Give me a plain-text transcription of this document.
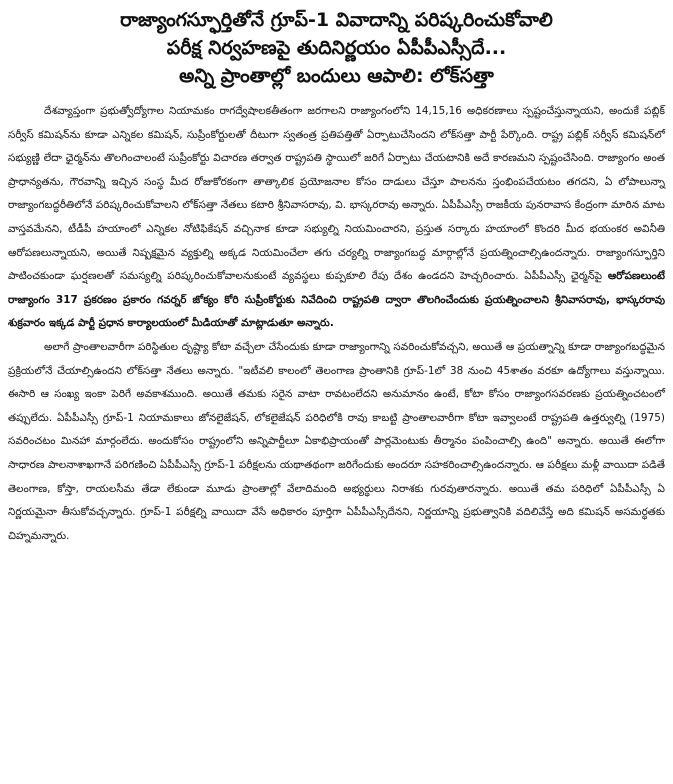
రాజ్యాంగస్ఫూర్తితోనే గ్రూప్-1 వివాదాన్ని పరిష్కరించుకోవాలి
పరీక్ష నిర్వహణపై తుదినిర్ణయం ఏపీపీఎస్సీదే...
అన్ని ప్రాంతాల్లో బందులు ఆపాలి: లోక్‌సత్తా

దేశవ్యాప్తంగా ప్రభుత్వోద్యోగాల నియామకం రాగద్వేషాలకతీతంగా జరగాలని రాజ్యాంగంలోని 14,15,16 అధికరణాలు స్పష్టంచేస్తున్నాయని, అందుకే పబ్లిక్ సర్వీస్ కమిషన్‌ను కూడా ఎన్నికల కమిషన్, సుప్రీంకోర్టులతో దీటుగా స్వతంత్ర ప్రతిపత్తితో ఏర్పాటుచేసిందని లోక్‌సత్తా పార్టీ పేర్కొంది. రాష్ట్ర పబ్లిక్ సర్వీస్ కమిషన్‌లో సభ్యుణ్ణి లేదా ఛైర్మన్‌ను తొలగించాలంటే సుప్రీంకోర్టు విచారణ తర్వాత రాష్ట్రపతి స్థాయిలో జరిగే ఏర్పాటు చేయటానికి అదే కారణమని స్పష్టంచేసింది. రాజ్యాంగం అంత ప్రాధాన్యతను, గౌరవాన్ని ఇచ్చిన సంస్థ మీద రోజుకోరకంగా తాత్కాలిక ప్రయోజనాల కోసం దాడులు చేస్తూ పాలనను స్తంభింపచేయటం తగదని, ఏ లోపాలున్నా రాజ్యాంగబద్ధరీతిలోనే పరిష్కరించుకోవాలని లోక్‌సత్తా నేతలు కటారి శ్రీనివాసరావు, వి. భాస్కరరావు అన్నారు. ఏపీపీఎస్సీ రాజకీయ పునరావాస కేంద్రంగా మారిన మాట వాస్తవమేనని, టీడీపీ హయాంలో ఎన్నికల నోటిఫికేషన్ వచ్చినాక కూడా సభ్యుల్ని నియమించారని, ప్రస్తుత సర్కారు హయాంలో కొందరి మీద భయంకర అవినీతి ఆరోపణలున్నాయని, అయితే నిష్పక్షమైన వ్యక్తుల్ని అక్కడ నియమించేలా తగు చర్యల్ని రాజ్యాంగబద్ధ మార్గాల్లోనే ప్రయత్నించాల్సిఉందన్నారు. రాజ్యాంగస్ఫూర్తిని పాటించకుండా ఘర్షణలతో సమస్యల్ని పరిష్కరించుకోవాలనుకుంటే వ్యవస్థలు కుప్పకూలి రేపు దేశం ఉండదని హెచ్చరించారు. ఏపీపీఎస్సీ ఛైర్మన్‌పై ఆరోపణలుంటే రాజ్యాంగం 317 ప్రకరణం ప్రకారం గవర్నర్ జోక్యం కోరి సుప్రీంకోర్టుకు నివేదించి రాష్ట్రపతి ద్వారా తొలగించేందుకు ప్రయత్నించాలని శ్రీనివాసరావు, భాస్కరరావు శుక్రవారం ఇక్కడ పార్టీ ప్రధాన కార్యాలయంలో మీడియాతో మాట్లాడుతూ అన్నారు.

అలాగే ప్రాంతాలవారీగా పరిస్థితుల దృష్ట్యా కోటా వచ్చేలా చేసేందుకు కూడా రాజ్యాంగాన్ని సవరించుకోవచ్చని, అయితే ఆ ప్రయత్నాన్ని కూడా రాజ్యాంగబద్ధమైన ప్రక్రియలోనే చేయాల్సిఉందని లోక్‌సత్తా నేతలు అన్నారు. "ఇటీవలి కాలంలో తెలంగాణ ప్రాంతానికి గ్రూప్-1లో 38 నుంచి 45శాతం వరకూ ఉద్యోగాలు వస్తున్నాయి. ఈసారి ఆ సంఖ్య ఇంకా పెరిగే అవకాశముంది. అయితే తమకు సరైన వాటా రావటంలేదని అనుమానం ఉంటే, కోటా కోసం రాజ్యాంగసవరణకు ప్రయత్నించటంలో తప్పులేదు. ఏపీపీఎస్సీ గ్రూప్-1 నియామకాలు జోనలైజేషన్, లోకలైజేషన్ పరిధిలోకి రావు కాబట్టి ప్రాంతాలవారీగా కోటా ఇవ్వాలంటే రాష్ట్రపతి ఉత్తర్వుల్ని (1975) సవరించటం మినహా మార్గంలేదు. అందుకోసం రాష్ట్రంలోని అన్నిపార్టీలూ ఏకాభిప్రాయంతో పార్లమెంటుకు తీర్మానం పంపించాల్సి ఉంది" అన్నారు. అయితే ఈలోగా సాధారణ పాలనాశాఖగానే పరిగణించి ఏపీపీఎస్సీ గ్రూప్-1 పరీక్షలను యథాతథంగా జరిగేందుకు అందరూ సహకరించాల్సిఉందన్నారు. ఆ పరీక్షలు మళ్లీ వాయిదా పడితే తెలంగాణ, కోస్తా, రాయలసీమ తేడా లేకుండా మూడు ప్రాంతాల్లో వేలాదిమంది అభ్యర్థులు నిరాశకు గురవుతారన్నారు. అయితే తమ పరిధిలో ఏపీపీఎస్సీ ఏ నిర్ణయమైనా తీసుకోవచ్చన్నారు. గ్రూప్-1 పరీక్షల్ని వాయిదా వేసే అధికారం పూర్తిగా ఏపీపీఎస్సీదేనని, నిర్ణయాన్ని ప్రభుత్వానికి వదిలివేస్తే అది కమిషన్ అసమర్థతకు చిహ్నమన్నారు.
